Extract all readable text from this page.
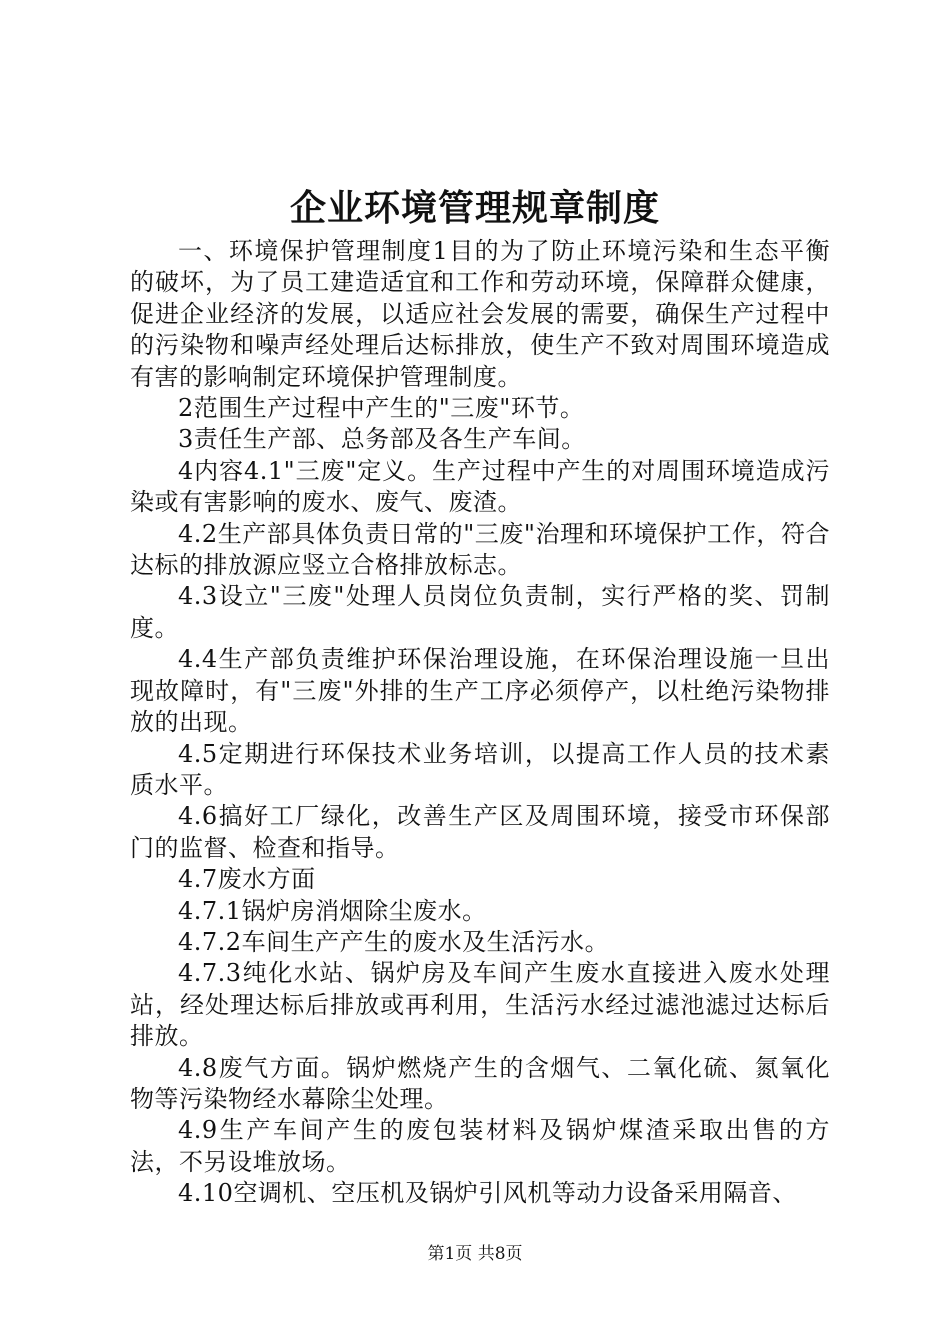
企业环境管理规章制度

一、环境保护管理制度1目的为了防止环境污染和生态平衡的破坏，为了员工建造适宜和工作和劳动环境，保障群众健康，促进企业经济的发展，以适应社会发展的需要，确保生产过程中的污染物和噪声经处理后达标排放，使生产不致对周围环境造成有害的影响制定环境保护管理制度。

2范围生产过程中产生的"三废"环节。

3责任生产部、总务部及各生产车间。

4内容4.1"三废"定义。生产过程中产生的对周围环境造成污染或有害影响的废水、废气、废渣。

4.2生产部具体负责日常的"三废"治理和环境保护工作，符合达标的排放源应竖立合格排放标志。

4.3设立"三废"处理人员岗位负责制，实行严格的奖、罚制度。

4.4生产部负责维护环保治理设施，在环保治理设施一旦出现故障时，有"三废"外排的生产工序必须停产，以杜绝污染物排放的出现。

4.5定期进行环保技术业务培训，以提高工作人员的技术素质水平。

4.6搞好工厂绿化，改善生产区及周围环境，接受市环保部门的监督、检查和指导。

4.7废水方面

4.7.1锅炉房消烟除尘废水。

4.7.2车间生产产生的废水及生活污水。

4.7.3纯化水站、锅炉房及车间产生废水直接进入废水处理站，经处理达标后排放或再利用，生活污水经过滤池滤过达标后排放。

4.8废气方面。锅炉燃烧产生的含烟气、二氧化硫、氮氧化物等污染物经水幕除尘处理。

4.9生产车间产生的废包装材料及锅炉煤渣采取出售的方法，不另设堆放场。

4.10空调机、空压机及锅炉引风机等动力设备采用隔音、

第1页 共8页
